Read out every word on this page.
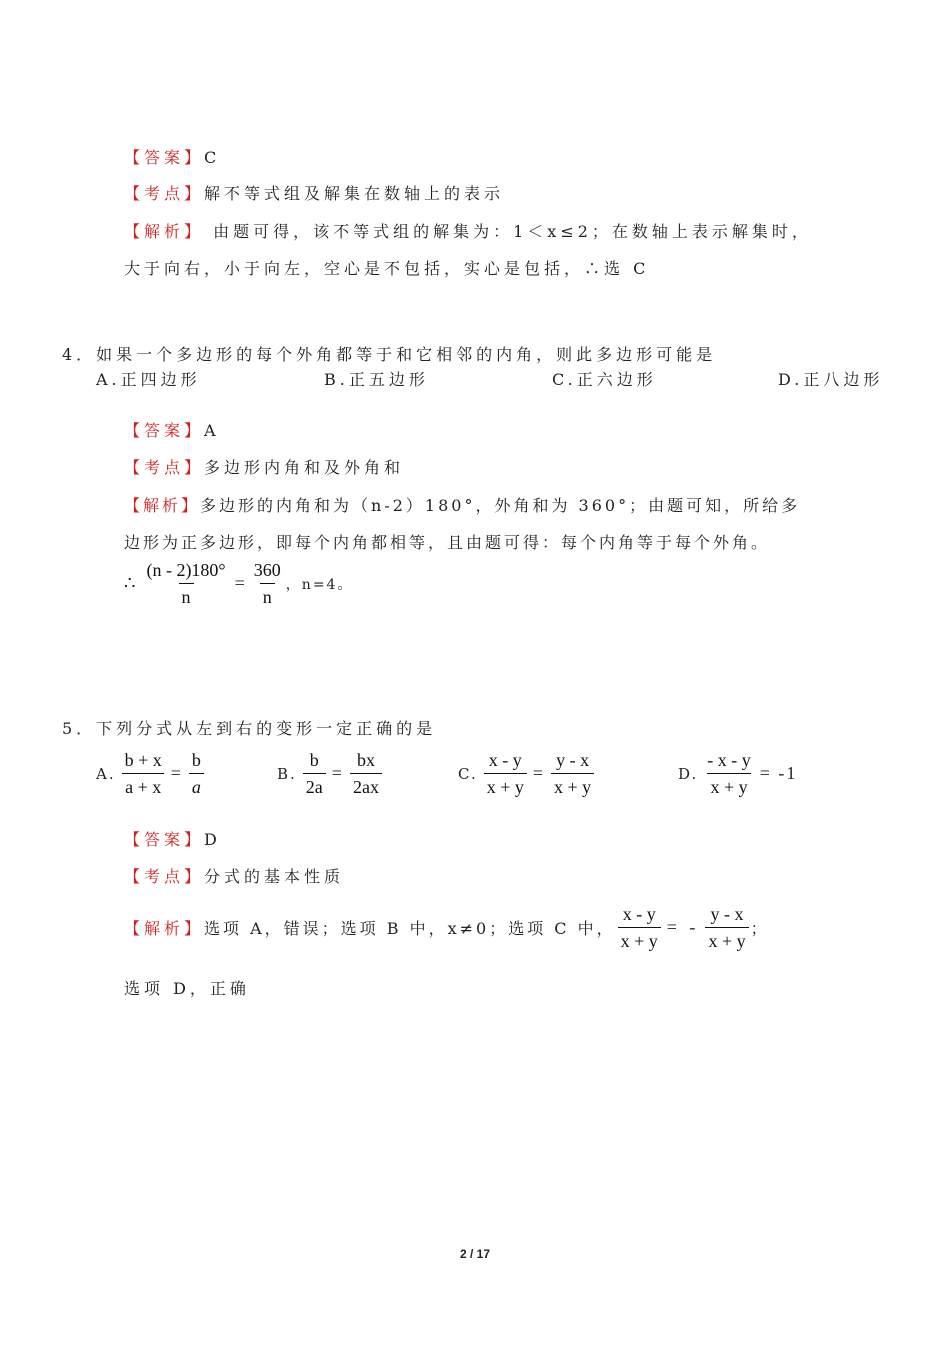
【答案】C
【考点】解不等式组及解集在数轴上的表示
【解析】 由题可得，该不等式组的解集为：1＜x≤2；在数轴上表示解集时，
大于向右，小于向左，空心是不包括，实心是包括，∴选 C
4．如果一个多边形的每个外角都等于和它相邻的内角，则此多边形可能是
A.正四边形	B.正五边形	C.正六边形	D.正八边形
【答案】A
【考点】多边形内角和及外角和
【解析】多边形的内角和为（n-2）180°，外角和为 360°；由题可知，所给多
边形为正多边形，即每个内角都相等，且由题可得：每个内角等于每个外角。
∴ $\frac{(n - 2)180^\circ}{n} = \frac{360}{n}$ ，n=4。
5．下列分式从左到右的变形一定正确的是
A. $\frac{b + x}{a + x} = \frac{b}{a}$	B. $\frac{b}{2a} = \frac{bx}{2ax}$	C. $\frac{x - y}{x + y} = \frac{y - x}{x + y}$	D. $\frac{- x - y}{x + y} = -1$
【答案】D
【考点】分式的基本性质
【解析】 选项 A，错误；选项 B 中，x≠0；选项 C 中， $\frac{x - y}{x + y}$ = - $\frac{y - x}{x + y}$ ；
选项 D，正确
2 / 17
